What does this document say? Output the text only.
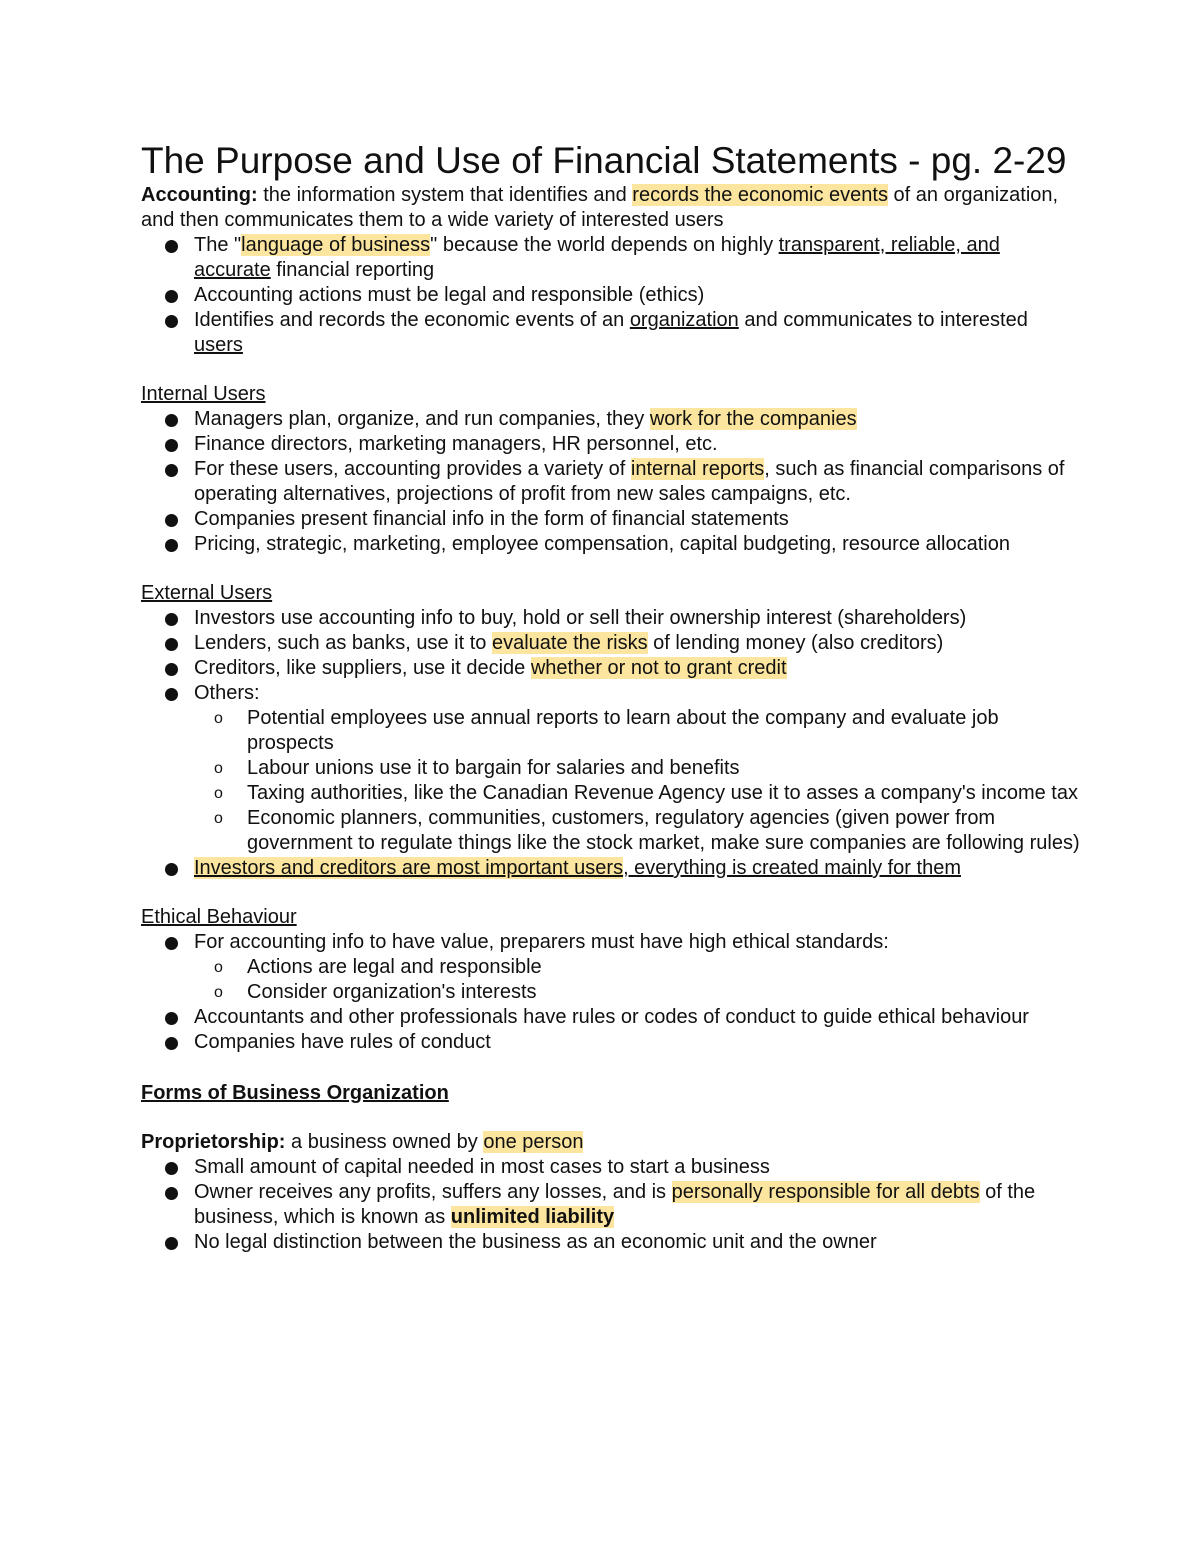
The Purpose and Use of Financial Statements - pg. 2-29

Accounting: the information system that identifies and records the economic events of an organization, and then communicates them to a wide variety of interested users

The "language of business" because the world depends on highly transparent, reliable, and accurate financial reporting
Accounting actions must be legal and responsible (ethics)
Identifies and records the economic events of an organization and communicates to interested users

Internal Users

Managers plan, organize, and run companies, they work for the companies
Finance directors, marketing managers, HR personnel, etc.
For these users, accounting provides a variety of internal reports, such as financial comparisons of operating alternatives, projections of profit from new sales campaigns, etc.
Companies present financial info in the form of financial statements
Pricing, strategic, marketing, employee compensation, capital budgeting, resource allocation

External Users

Investors use accounting info to buy, hold or sell their ownership interest (shareholders)
Lenders, such as banks, use it to evaluate the risks of lending money (also creditors)
Creditors, like suppliers, use it decide whether or not to grant credit
Others:
o Potential employees use annual reports to learn about the company and evaluate job prospects
o Labour unions use it to bargain for salaries and benefits
o Taxing authorities, like the Canadian Revenue Agency use it to asses a company's income tax
o Economic planners, communities, customers, regulatory agencies (given power from government to regulate things like the stock market, make sure companies are following rules)
Investors and creditors are most important users, everything is created mainly for them

Ethical Behaviour

For accounting info to have value, preparers must have high ethical standards:
o Actions are legal and responsible
o Consider organization's interests
Accountants and other professionals have rules or codes of conduct to guide ethical behaviour
Companies have rules of conduct

Forms of Business Organization

Proprietorship: a business owned by one person

Small amount of capital needed in most cases to start a business
Owner receives any profits, suffers any losses, and is personally responsible for all debts of the business, which is known as unlimited liability
No legal distinction between the business as an economic unit and the owner
